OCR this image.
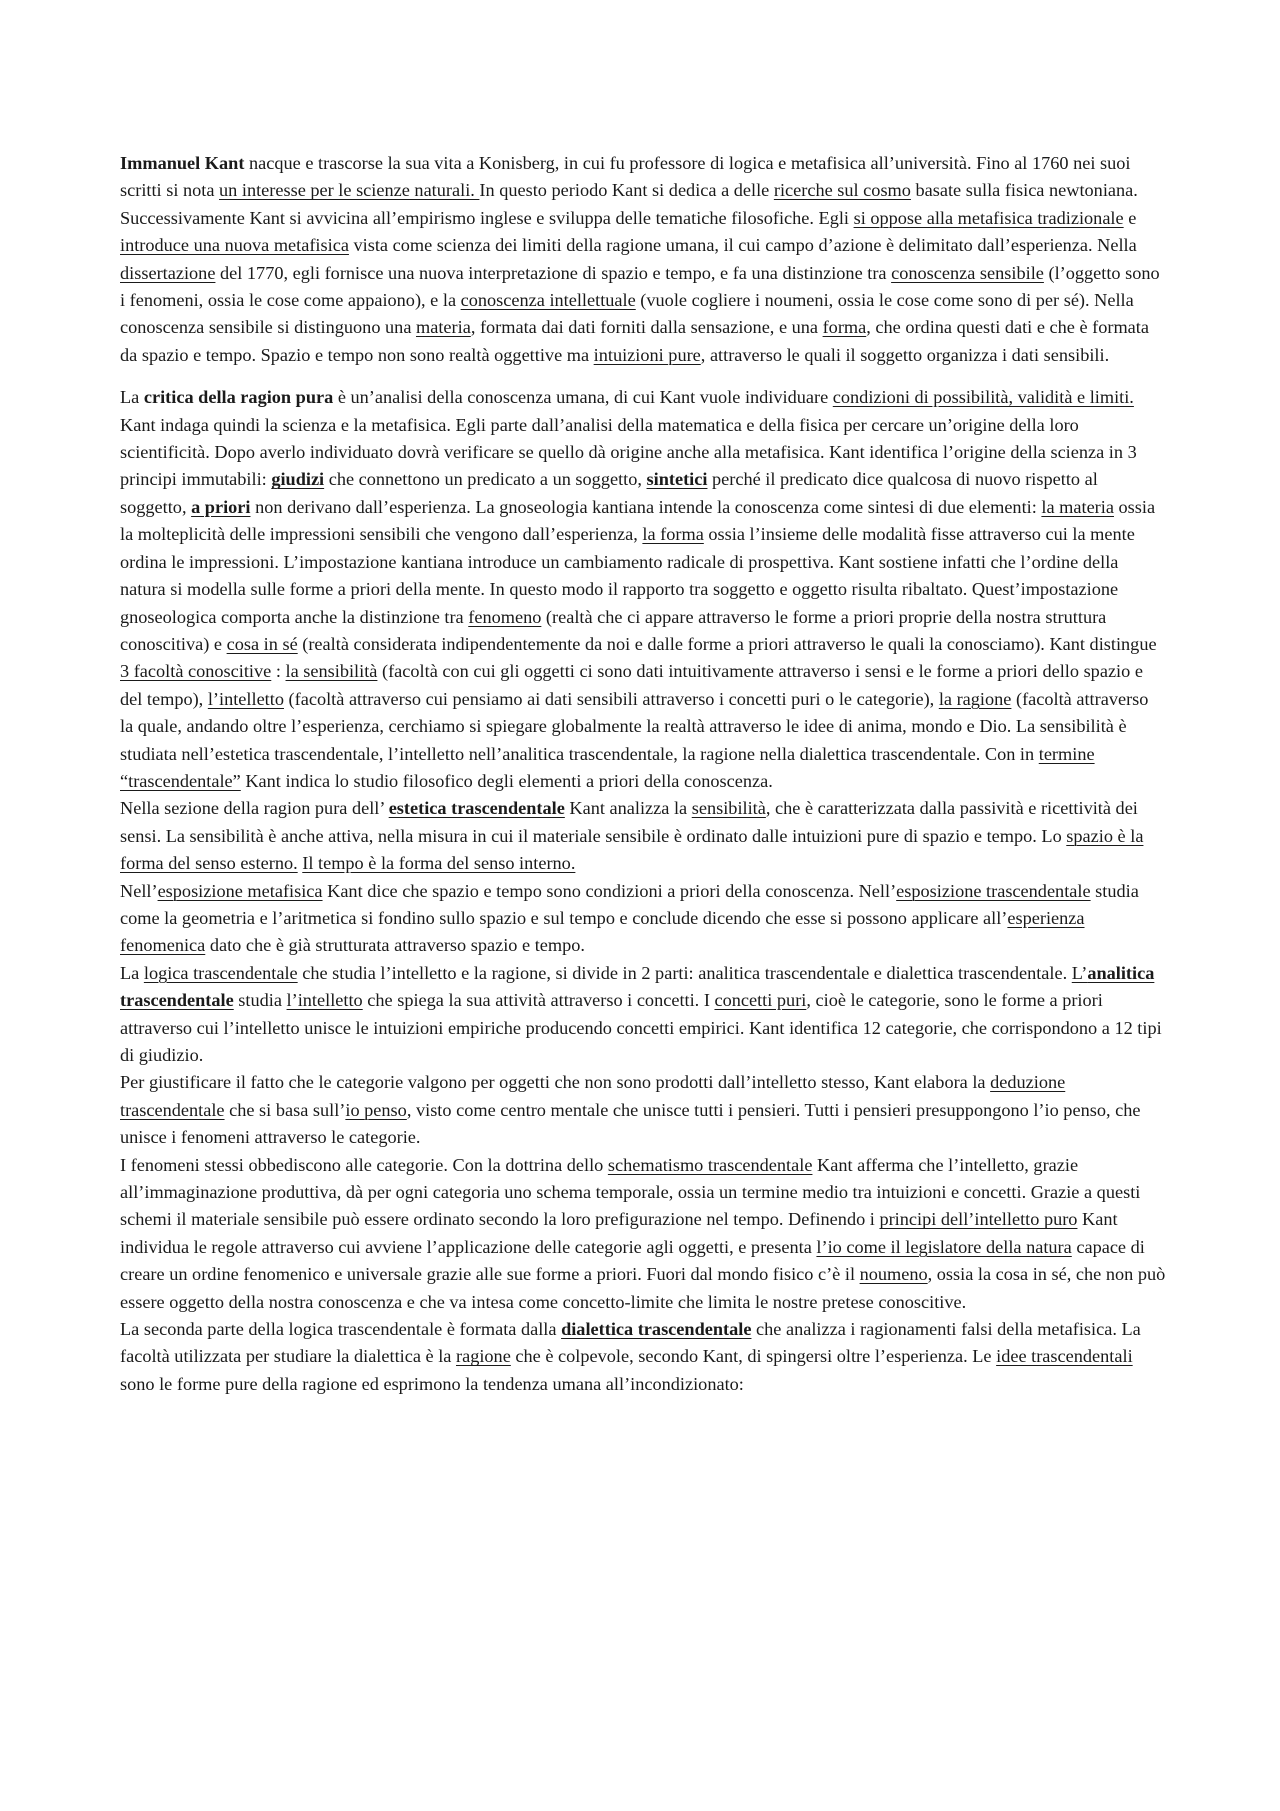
Immanuel Kant nacque e trascorse la sua vita a Konisberg, in cui fu professore di logica e metafisica all’università. Fino al 1760 nei suoi scritti si nota un interesse per le scienze naturali. In questo periodo Kant si dedica a delle ricerche sul cosmo basate sulla fisica newtoniana. Successivamente Kant si avvicina all’empirismo inglese e sviluppa delle tematiche filosofiche. Egli si oppose alla metafisica tradizionale e introduce una nuova metafisica vista come scienza dei limiti della ragione umana, il cui campo d’azione è delimitato dall’esperienza. Nella dissertazione del 1770, egli fornisce una nuova interpretazione di spazio e tempo, e fa una distinzione tra conoscenza sensibile (l’oggetto sono i fenomeni, ossia le cose come appaiono), e la conoscenza intellettuale (vuole cogliere i noumeni, ossia le cose come sono di per sé). Nella conoscenza sensibile si distinguono una materia, formata dai dati forniti dalla sensazione, e una forma, che ordina questi dati e che è formata da spazio e tempo. Spazio e tempo non sono realtà oggettive ma intuizioni pure, attraverso le quali il soggetto organizza i dati sensibili.

La critica della ragion pura è un’analisi della conoscenza umana, di cui Kant vuole individuare condizioni di possibilità, validità e limiti. Kant indaga quindi la scienza e la metafisica. Egli parte dall’analisi della matematica e della fisica per cercare un’origine della loro scientificità. Dopo averlo individuato dovrà verificare se quello dà origine anche alla metafisica. Kant identifica l’origine della scienza in 3 principi immutabili: giudizi che connettono un predicato a un soggetto, sintetici perché il predicato dice qualcosa di nuovo rispetto al soggetto, a priori non derivano dall’esperienza. La gnoseologia kantiana intende la conoscenza come sintesi di due elementi: la materia ossia la molteplicità delle impressioni sensibili che vengono dall’esperienza, la forma ossia l’insieme delle modalità fisse attraverso cui la mente ordina le impressioni. L’impostazione kantiana introduce un cambiamento radicale di prospettiva. Kant sostiene infatti che l’ordine della natura si modella sulle forme a priori della mente. In questo modo il rapporto tra soggetto e oggetto risulta ribaltato. Quest’impostazione gnoseologica comporta anche la distinzione tra fenomeno (realtà che ci appare attraverso le forme a priori proprie della nostra struttura conoscitiva) e cosa in sé (realtà considerata indipendentemente da noi e dalle forme a priori attraverso le quali la conosciamo). Kant distingue 3 facoltà conoscitive : la sensibilità (facoltà con cui gli oggetti ci sono dati intuitivamente attraverso i sensi e le forme a priori dello spazio e del tempo), l’intelletto (facoltà attraverso cui pensiamo ai dati sensibili attraverso i concetti puri o le categorie), la ragione (facoltà attraverso la quale, andando oltre l’esperienza, cerchiamo si spiegare globalmente la realtà attraverso le idee di anima, mondo e Dio. La sensibilità è studiata nell’estetica trascendentale, l’intelletto nell’analitica trascendentale, la ragione nella dialettica trascendentale. Con in termine “trascendentale” Kant indica lo studio filosofico degli elementi a priori della conoscenza.

Nella sezione della ragion pura dell’ estetica trascendentale Kant analizza la sensibilità, che è caratterizzata dalla passività e ricettività dei sensi. La sensibilità è anche attiva, nella misura in cui il materiale sensibile è ordinato dalle intuizioni pure di spazio e tempo. Lo spazio è la forma del senso esterno. Il tempo è la forma del senso interno.

Nell’esposizione metafisica Kant dice che spazio e tempo sono condizioni a priori della conoscenza. Nell’esposizione trascendentale studia come la geometria e l’aritmetica si fondino sullo spazio e sul tempo e conclude dicendo che esse si possono applicare all’esperienza fenomenica dato che è già strutturata attraverso spazio e tempo.

La logica trascendentale che studia l’intelletto e la ragione, si divide in 2 parti: analitica trascendentale e dialettica trascendentale. L’analitica trascendentale studia l’intelletto che spiega la sua attività attraverso i concetti. I concetti puri, cioè le categorie, sono le forme a priori attraverso cui l’intelletto unisce le intuizioni empiriche producendo concetti empirici. Kant identifica 12 categorie, che corrispondono a 12 tipi di giudizio.

Per giustificare il fatto che le categorie valgono per oggetti che non sono prodotti dall’intelletto stesso, Kant elabora la deduzione trascendentale che si basa sull’io penso, visto come centro mentale che unisce tutti i pensieri. Tutti i pensieri presuppongono l’io penso, che unisce i fenomeni attraverso le categorie.

I fenomeni stessi obbediscono alle categorie. Con la dottrina dello schematismo trascendentale Kant afferma che l’intelletto, grazie all’immaginazione produttiva, dà per ogni categoria uno schema temporale, ossia un termine medio tra intuizioni e concetti. Grazie a questi schemi il materiale sensibile può essere ordinato secondo la loro prefigurazione nel tempo. Definendo i principi dell’intelletto puro Kant individua le regole attraverso cui avviene l’applicazione delle categorie agli oggetti, e presenta l’io come il legislatore della natura capace di creare un ordine fenomenico e universale grazie alle sue forme a priori. Fuori dal mondo fisico c’è il noumeno, ossia la cosa in sé, che non può essere oggetto della nostra conoscenza e che va intesa come concetto-limite che limita le nostre pretese conoscitive.

La seconda parte della logica trascendentale è formata dalla dialettica trascendentale che analizza i ragionamenti falsi della metafisica. La facoltà utilizzata per studiare la dialettica è la ragione che è colpevole, secondo Kant, di spingersi oltre l’esperienza. Le idee trascendentali sono le forme pure della ragione ed esprimono la tendenza umana all’incondizionato:
